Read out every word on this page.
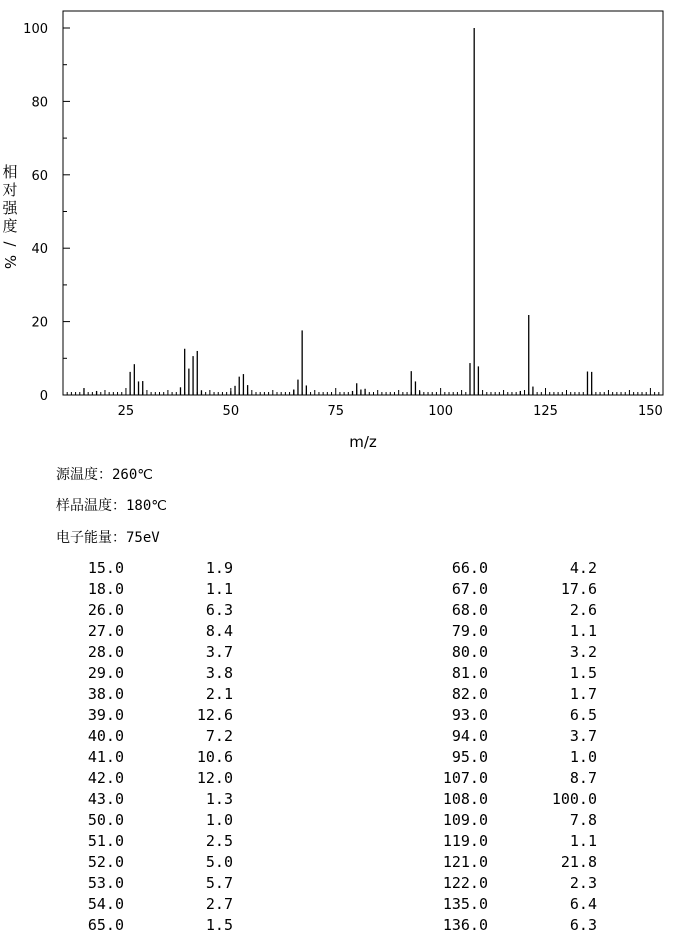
25	50	75	100	125	150
0
20
40
60
80
100
m/z
相
对
强
度
/
%
源温度：260℃
样品温度：180℃
电子能量：75eV
15.0	1.9
18.0	1.1
26.0	6.3
27.0	8.4
28.0	3.7
29.0	3.8
38.0	2.1
39.0	12.6
40.0	7.2
41.0	10.6
42.0	12.0
43.0	1.3
50.0	1.0
51.0	2.5
52.0	5.0
53.0	5.7
54.0	2.7
65.0	1.5
66.0	4.2
67.0	17.6
68.0	2.6
79.0	1.1
80.0	3.2
81.0	1.5
82.0	1.7
93.0	6.5
94.0	3.7
95.0	1.0
107.0	8.7
108.0	100.0
109.0	7.8
119.0	1.1
121.0	21.8
122.0	2.3
135.0	6.4
136.0	6.3
